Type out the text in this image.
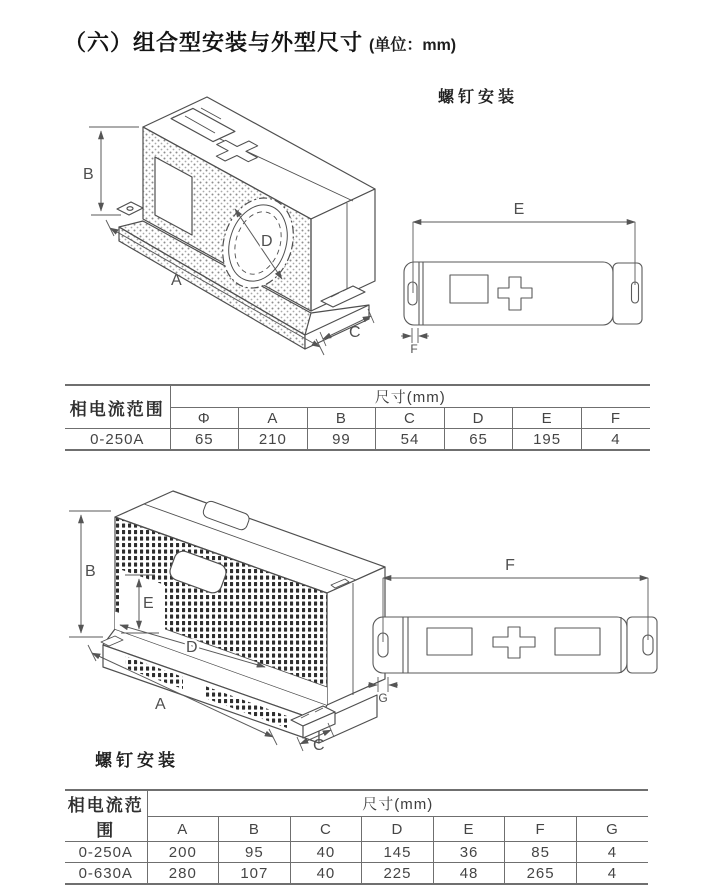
（六）组合型安装与外型尺寸 (单位：mm)
螺钉安装
B
A
C
D
E
F
相电流范围	尺寸(mm)						
	Φ	A	B	C	D	E	F
0-250A	65	210	99	54	65	195	4
B
E
D
A
C
F
G
螺钉安装
相电流范围	尺寸(mm)						
	A	B	C	D	E	F	G
0-250A	200	95	40	145	36	85	4
0-630A	280	107	40	225	48	265	4
